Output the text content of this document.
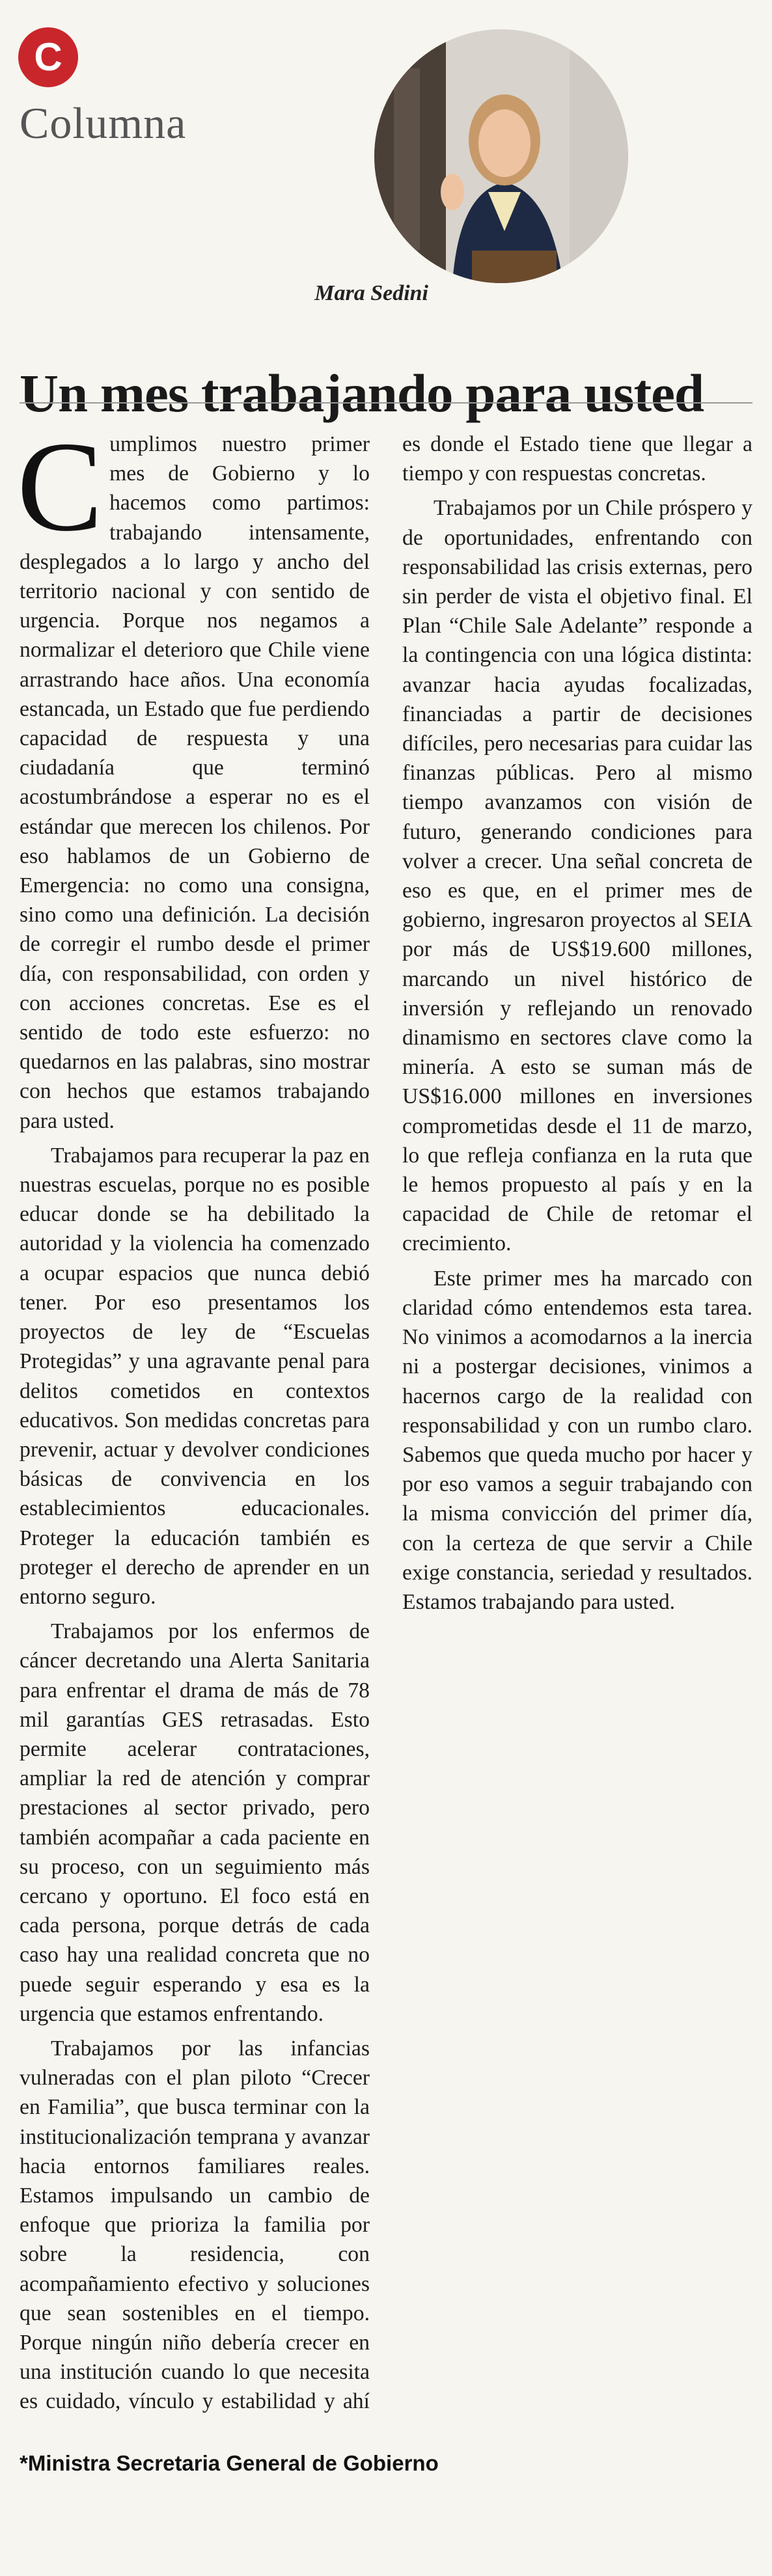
C
Columna
Mara Sedini
Un mes trabajando para usted

Cumplimos nuestro primer mes de Gobierno y lo hacemos como partimos: trabajando intensamente, desplegados a lo largo y ancho del territorio nacional y con sentido de urgencia. Porque nos negamos a normalizar el deterioro que Chile viene arrastrando hace años. Una economía estancada, un Estado que fue perdiendo capacidad de respuesta y una ciudadanía que terminó acostumbrándose a esperar no es el estándar que merecen los chilenos. Por eso hablamos de un Gobierno de Emergencia: no como una consigna, sino como una definición. La decisión de corregir el rumbo desde el primer día, con responsabilidad, con orden y con acciones concretas. Ese es el sentido de todo este esfuerzo: no quedarnos en las palabras, sino mostrar con hechos que estamos trabajando para usted.

Trabajamos para recuperar la paz en nuestras escuelas, porque no es posible educar donde se ha debilitado la autoridad y la violencia ha comenzado a ocupar espacios que nunca debió tener. Por eso presentamos los proyectos de ley de “Escuelas Protegidas” y una agravante penal para delitos cometidos en contextos educativos. Son medidas concretas para prevenir, actuar y devolver condiciones básicas de convivencia en los establecimientos educacionales. Proteger la educación también es proteger el derecho de aprender en un entorno seguro.

Trabajamos por los enfermos de cáncer decretando una Alerta Sanitaria para enfrentar el drama de más de 78 mil garantías GES retrasadas. Esto permite acelerar contrataciones, ampliar la red de atención y comprar prestaciones al sector privado, pero también acompañar a cada paciente en su proceso, con un seguimiento más cercano y oportuno. El foco está en cada persona, porque detrás de cada caso hay una realidad concreta que no puede seguir esperando y esa es la urgencia que estamos enfrentando.

Trabajamos por las infancias vulneradas con el plan piloto “Crecer en Familia”, que busca terminar con la institucionalización temprana y avanzar hacia entornos familiares reales. Estamos impulsando un cambio de enfoque que prioriza la familia por sobre la residencia, con acompañamiento efectivo y soluciones que sean sostenibles en el tiempo. Porque ningún niño debería crecer en una institución cuando lo que necesita es cuidado, vínculo y estabilidad y ahí es donde el Estado tiene que llegar a tiempo y con respuestas concretas.

Trabajamos por un Chile próspero y de oportunidades, enfrentando con responsabilidad las crisis externas, pero sin perder de vista el objetivo final. El Plan “Chile Sale Adelante” responde a la contingencia con una lógica distinta: avanzar hacia ayudas focalizadas, financiadas a partir de decisiones difíciles, pero necesarias para cuidar las finanzas públicas. Pero al mismo tiempo avanzamos con visión de futuro, generando condiciones para volver a crecer. Una señal concreta de eso es que, en el primer mes de gobierno, ingresaron proyectos al SEIA por más de US$19.600 millones, marcando un nivel histórico de inversión y reflejando un renovado dinamismo en sectores clave como la minería. A esto se suman más de US$16.000 millones en inversiones comprometidas desde el 11 de marzo, lo que refleja confianza en la ruta que le hemos propuesto al país y en la capacidad de Chile de retomar el crecimiento.

Este primer mes ha marcado con claridad cómo entendemos esta tarea. No vinimos a acomodarnos a la inercia ni a postergar decisiones, vinimos a hacernos cargo de la realidad con responsabilidad y con un rumbo claro. Sabemos que queda mucho por hacer y por eso vamos a seguir trabajando con la misma convicción del primer día, con la certeza de que servir a Chile exige constancia, seriedad y resultados. Estamos trabajando para usted.

*Ministra Secretaria General de Gobierno
